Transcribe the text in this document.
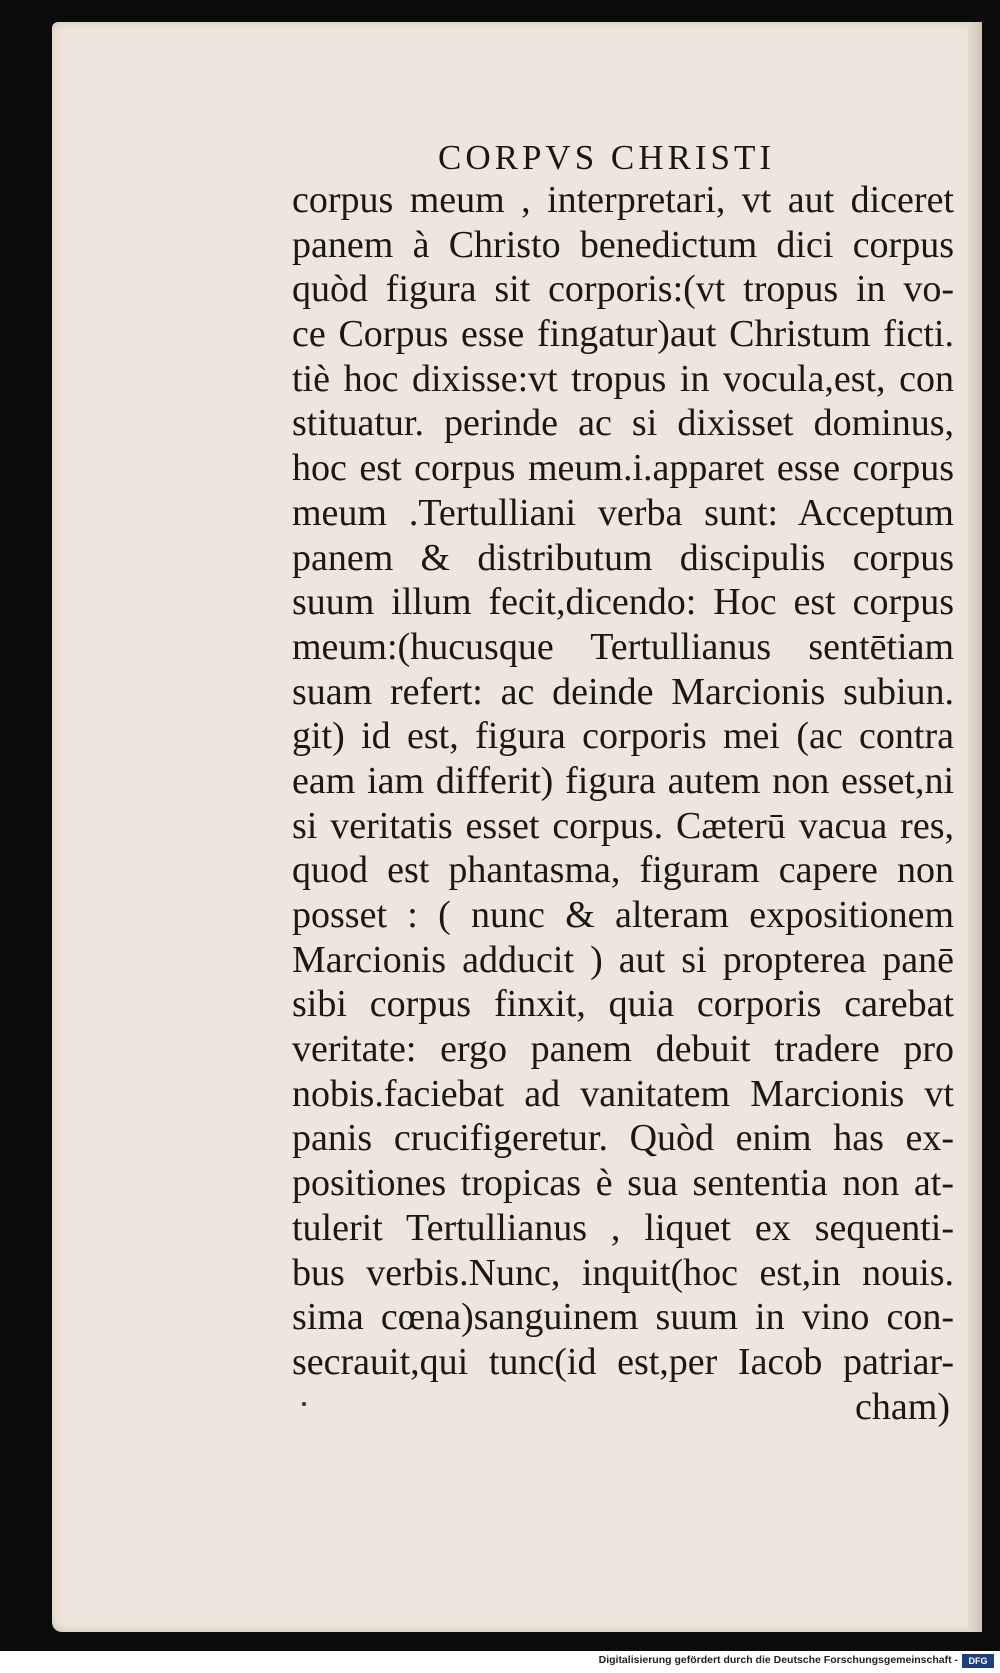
CORPVS CHRISTI
corpus meum , interpretari, vt aut diceret
panem à Christo benedictum dici corpus
quòd figura sit corporis:(vt tropus in vo-
ce Corpus esse fingatur)aut Christum ficti.
tiè hoc dixisse:vt tropus in vocula,est, con
stituatur. perinde ac si dixisset dominus,
hoc est corpus meum.i.apparet esse corpus
meum .Tertulliani verba sunt: Acceptum
panem & distributum discipulis corpus
suum illum fecit,dicendo: Hoc est corpus
meum:(hucusque Tertullianus sentētiam
suam refert: ac deinde Marcionis subiun.
git) id est, figura corporis mei (ac contra
eam iam differit) figura autem non esset,ni
si veritatis esset corpus. Cæterū vacua res,
quod est phantasma, figuram capere non
posset : ( nunc & alteram expositionem
Marcionis adducit ) aut si propterea panē
sibi corpus finxit, quia corporis carebat
veritate: ergo panem debuit tradere pro
nobis.faciebat ad vanitatem Marcionis vt
panis crucifigeretur. Quòd enim has ex-
positiones tropicas è sua sententia non at-
tulerit Tertullianus , liquet ex sequenti-
bus verbis.Nunc, inquit(hoc est,in nouis.
sima cœna)sanguinem suum in vino con-
secrauit,qui tunc(id est,per Iacob patriar-
cham)
Digitalisierung gefördert durch die Deutsche Forschungsgemeinschaft -	DFG
